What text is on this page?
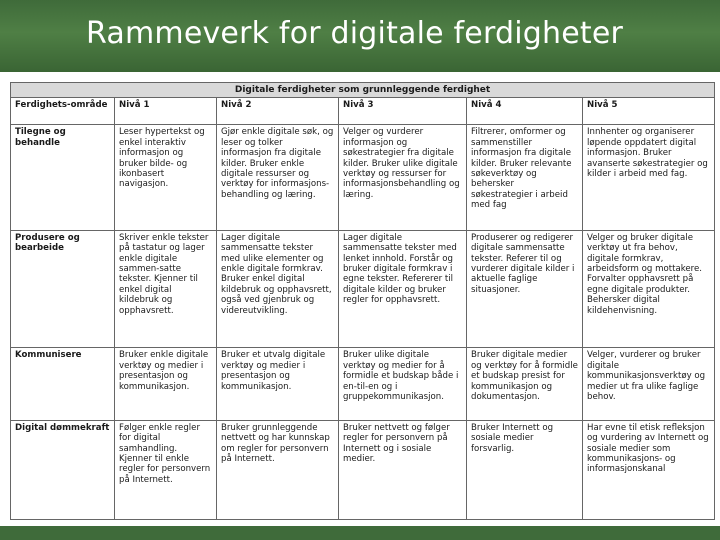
Rammeverk for digitale ferdigheter
Digitale ferdigheter som grunnleggende ferdighet					
Ferdighets-område	Nivå 1	Nivå 2	Nivå 3	Nivå 4	Nivå 5
Tilegne og behandle	Leser hypertekst og enkel interaktiv informasjon og bruker bilde- og ikonbasert navigasjon.	Gjør enkle digitale søk, og leser og tolker informasjon fra digitale kilder. Bruker enkle digitale ressurser og verktøy for informasjons-behandling og læring.	Velger og vurderer informasjon og søkestrategier fra digitale kilder. Bruker ulike digitale verktøy og ressurser for informasjonsbehandling og læring.	Filtrerer, omformer og sammenstiller informasjon fra digitale kilder. Bruker relevante søkeverktøy og behersker søkestrategier i arbeid med fag	Innhenter og organiserer løpende oppdatert digital informasjon. Bruker avanserte søkestrategier og kilder i arbeid med fag.
Produsere og bearbeide	Skriver enkle tekster på tastatur og lager enkle digitale sammen-satte tekster. Kjenner til enkel digital kildebruk og opphavsrett.	Lager digitale sammensatte tekster med ulike elementer og enkle digitale formkrav. Bruker enkel digital kildebruk og opphavsrett, også ved gjenbruk og videreutvikling.	Lager digitale sammensatte tekster med lenket innhold. Forstår og bruker digitale formkrav i egne tekster. Refererer til digitale kilder og bruker regler for opphavsrett.	Produserer og redigerer digitale sammensatte tekster. Referer til og vurderer digitale kilder i aktuelle faglige situasjoner.	Velger og bruker digitale verktøy ut fra behov, digitale formkrav, arbeidsform og mottakere. Forvalter opphavsrett på egne digitale produkter. Behersker digital kildehenvisning.
Kommunisere	Bruker enkle digitale verktøy og medier i presentasjon og kommunikasjon.	Bruker et utvalg digitale verktøy og medier i presentasjon og kommunikasjon.	Bruker ulike digitale verktøy og medier for å formidle et budskap både i en-til-en og i gruppekommunikasjon.	Bruker digitale medier og verktøy for å formidle et budskap presist for kommunikasjon og dokumentasjon.	Velger, vurderer og bruker digitale kommunikasjonsverktøy og medier ut fra ulike faglige behov.
Digital dømmekraft	Følger enkle regler for digital samhandling. Kjenner til enkle regler for personvern på Internett.	Bruker grunnleggende nettvett og har kunnskap om regler for personvern på Internett.	Bruker nettvett og følger regler for personvern på Internett og i sosiale medier.	Bruker Internett og sosiale medier forsvarlig.	Har evne til etisk refleksjon og vurdering av Internett og sosiale medier som kommunikasjons- og informasjonskanal
